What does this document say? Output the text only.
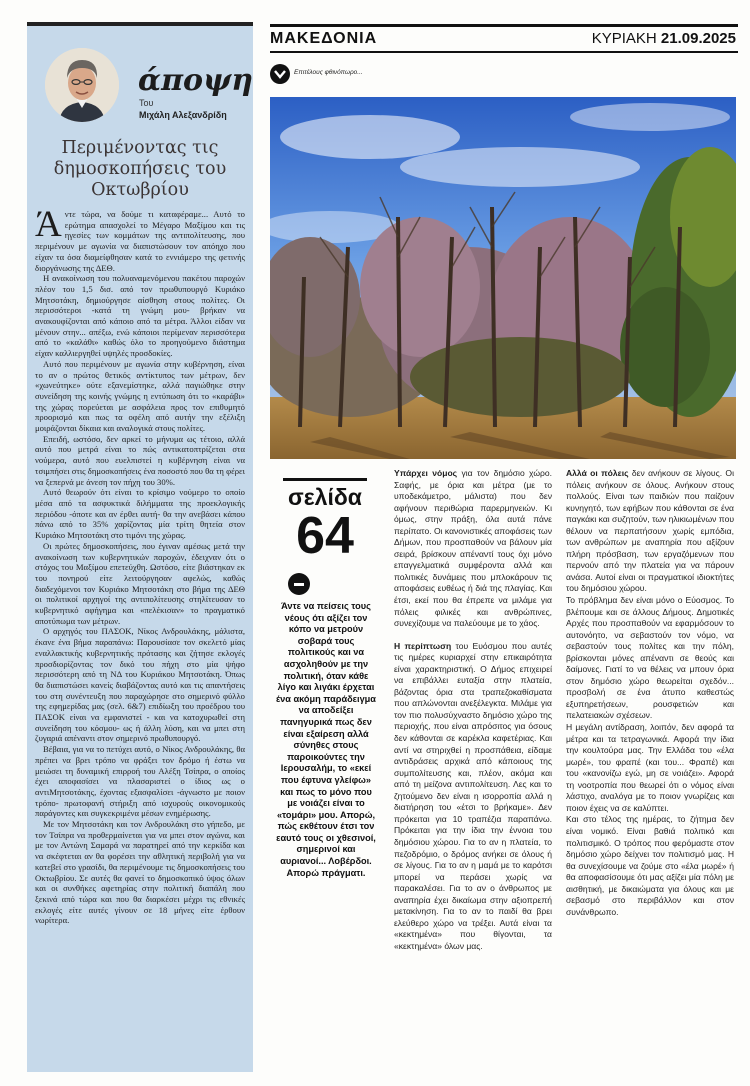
άποψη
Του
Μιχάλη Αλεξανδρίδη
Περιμένοντας τις δημοσκοπήσεις του Οκτωβρίου

Άντε τώρα, να δούμε τι καταφέραμε... Αυτό το ερώτημα απασχολεί το Μέγαρο Μαξίμου και τις ηγεσίες των κομμάτων της αντιπολίτευσης, που περιμένουν με αγωνία να διαπιστώσουν τον απόηχο που είχαν τα όσα διαμείφθησαν κατά το εννιάμερο της φετινής διοργάνωσης της ΔΕΘ.

Η ανακοίνωση του πολυαναμενόμενου πακέτου παροχών πλέον του 1,5 δισ. από τον πρωθυπουργό Κυριάκο Μητσοτάκη, δημιούργησε αίσθηση στους πολίτες. Οι περισσότεροι -κατά τη γνώμη μου- βρήκαν να ανακουφίζονται από κάποιο από τα μέτρα. Άλλοι είδαν να μένουν στην... απέξω, ενώ κάποιοι περίμεναν περισσότερα από το «καλάθι» καθώς όλο το προηγούμενο διάστημα είχαν καλλιεργηθεί υψηλές προσδοκίες.

Αυτό που περιμένουν με αγωνία στην κυβέρνηση, είναι το αν ο πρώτος θετικός αντίκτυπος των μέτρων, δεν «χωνεύτηκε» ούτε εξανεμίστηκε, αλλά παγιώθηκε στην συνείδηση της κοινής γνώμης η εντύπωση ότι το «καράβι» της χώρας πορεύεται με ασφάλεια προς τον επιθυμητό προορισμό και πως τα οφέλη από αυτήν την εξέλιξη μοιράζονται δίκαια και αναλογικά στους πολίτες.

Επειδή, ωστόσο, δεν αρκεί το μήνυμα ως τέτοιο, αλλά αυτό που μετρά είναι το πώς αντικατοπτρίζεται στα νούμερα, αυτό που ευελπιστεί η κυβέρνηση είναι να τσιμπήσει στις δημοσκοπήσεις ένα ποσοστό που θα τη φέρει να ξεπερνά με άνεση τον πήχη του 30%.

Αυτό θεωρούν ότι είναι το κρίσιμο νούμερο το οποίο μέσα από τα ασφυκτικά διλήμματα της προεκλογικής περιόδου -όποτε και αν έρθει αυτή- θα την ανεβάσει κάπου πάνω από το 35% χαρίζοντας μία τρίτη θητεία στον Κυριάκο Μητσοτάκη στο τιμόνι της χώρας.

Οι πρώτες δημοσκοπήσεις, που έγιναν αμέσως μετά την ανακοίνωση των κυβερνητικών παροχών, έδειχναν ότι ο στόχος του Μαξίμου επετεύχθη. Ωστόσο, είτε βιάστηκαν εκ του πονηρού είτε λειτούργησαν αφελώς, καθώς διαδεχόμενοι τον Κυριάκο Μητσοτάκη στο βήμα της ΔΕΘ οι πολιτικοί αρχηγοί της αντιπολίτευσης στηλίτευσαν το κυβερνητικό αφήγημα και «πελέκισαν» το πραγματικό αποτύπωμα των μέτρων.

Ο αρχηγός του ΠΑΣΟΚ, Νίκος Ανδρουλάκης, μάλιστα, έκανε ένα βήμα παραπάνω: Παρουσίασε τον σκελετό μίας εναλλακτικής κυβερνητικής πρότασης και ζήτησε εκλογές προσδιορίζοντας τον δικό του πήχη στο μία ψήφο περισσότερη από τη ΝΔ του Κυριάκου Μητσοτάκη. Όπως θα διαπιστώσει κανείς διαβάζοντας αυτό και τις απαντήσεις του στη συνέντευξη που παραχώρησε στο σημερινό φύλλο της εφημερίδας μας (σελ. 6&7) επιδίωξη του προέδρου του ΠΑΣΟΚ είναι να εμφανιστεί - και να κατοχυρωθεί στη συνείδηση του κόσμου- ως ή άλλη λύση, και να μπει στη ζυγαριά απέναντι στον σημερινό πρωθυπουργό.

Βέβαια, για να το πετύχει αυτό, ο Νίκος Ανδρουλάκης, θα πρέπει να βρει τρόπο να φράξει τον δρόμο ή έστω να μειώσει τη δυναμική επιρροή του Αλέξη Τσίπρα, ο οποίος έχει αποφασίσει να πλασαριστεί ο ίδιος ως ο αντιΜητσοτάκης, έχοντας εξασφαλίσει -άγνωστο με ποιον τρόπο- πρωτοφανή στήριξη από ισχυρούς οικονομικούς παράγοντες και συγκεκριμένα μέσων ενημέρωσης.

Με τον Μητσοτάκη και τον Ανδρουλάκη στο γήπεδο, με τον Τσίπρα να προθερμαίνεται για να μπει στον αγώνα, και με τον Αντώνη Σαμαρά να παρατηρεί από την κερκίδα και να σκέφτεται αν θα φορέσει την αθλητική περιβολή για να κατεβεί στο γρασίδι, θα περιμένουμε τις δημοσκοπήσεις του Οκτωβρίου. Σε αυτές θα φανεί το δημοσκοπικό ύψος όλων και οι συνθήκες αφετηρίας στην πολιτική διαπάλη που ξεκινά από τώρα και που θα διαρκέσει μέχρι τις εθνικές εκλογές είτε αυτές γίνουν σε 18 μήνες είτε έρθουν νωρίτερα.

ΜΑΚΕΔΟΝΙΑ	ΚΥΡΙΑΚΗ 21.09.2025
Επιτέλους φθινόπωρο...
σελίδα
64
Άντε να πείσεις τους νέους ότι αξίζει τον κόπο να μετρούν σοβαρά τους πολιτικούς και να ασχοληθούν με την πολιτική, όταν κάθε λίγο και λιγάκι έρχεται ένα ακόμη παράδειγμα να αποδείξει πανηγυρικά πως δεν είναι εξαίρεση αλλά σύνηθες στους παροικούντες την Ιερουσαλήμ, το «εκεί που έφτυνα γλείφω» και πως το μόνο που με νοιάζει είναι το «τομάρι» μου. Απορώ, πώς εκθέτουν έτσι τον εαυτό τους οι χθεσινοί, σημερινοί και αυριανοί... Λοβέρδοι. Απορώ πράγματι.

Υπάρχει νόμος για τον δημόσιο χώρο. Σαφής, με όρια και μέτρα (με το υποδεκάμετρο, μάλιστα) που δεν αφήνουν περιθώρια παρερμηνειών. Κι όμως, στην πράξη, όλα αυτά πάνε περίπατο. Οι κανονιστικές αποφάσεις των Δήμων, που προσπαθούν να βάλουν μία σειρά, βρίσκουν απέναντί τους όχι μόνο επαγγελματικά συμφέροντα αλλά και πολιτικές δυνάμεις που μπλοκάρουν τις αποφάσεις ευθέως ή διά της πλαγίας. Και έτσι, εκεί που θα έπρεπε να μιλάμε για πόλεις φιλικές και ανθρώπινες, συνεχίζουμε να παλεύουμε με το χάος.

Η περίπτωση του Ευόσμου που αυτές τις ημέρες κυριαρχεί στην επικαιρότητα είναι χαρακτηριστική. Ο Δήμος επιχειρεί να επιβάλλει ευταξία στην πλατεία, βάζοντας όρια στα τραπεζοκαθίσματα που απλώνονται ανεξέλεγκτα. Μιλάμε για τον πιο πολυσύχναστο δημόσιο χώρο της περιοχής, που είναι απρόσιτος για όσους δεν κάθονται σε καρέκλα καφετέριας. Και αντί να στηριχθεί η προσπάθεια, είδαμε αντιδράσεις αρχικά από κάποιους της συμπολίτευσης και, πλέον, ακόμα και από τη μείζονα αντιπολίτευση. Λες και το ζητούμενο δεν είναι η ισορροπία αλλά η διατήρηση του «έτσι το βρήκαμε». Δεν πρόκειται για 10 τραπέζια παραπάνω. Πρόκειται για την ίδια την έννοια του δημόσιου χώρου. Για το αν η πλατεία, το πεζοδρόμιο, ο δρόμος ανήκει σε όλους ή σε λίγους. Για το αν η μαμά με το καρότσι μπορεί να περάσει χωρίς να παρακαλέσει. Για το αν ο άνθρωπος με αναπηρία έχει δικαίωμα στην αξιοπρεπή μετακίνηση. Για το αν το παιδί θα βρει ελεύθερο χώρο να τρέξει. Αυτά είναι τα «κεκτημένα» που θίγονται, τα «κεκτημένα» όλων μας.

Αλλά οι πόλεις δεν ανήκουν σε λίγους. Οι πόλεις ανήκουν σε όλους. Ανήκουν στους πολλούς. Είναι των παιδιών που παίζουν κυνηγητό, των εφήβων που κάθονται σε ένα παγκάκι και συζητούν, των ηλικιωμένων που θέλουν να περπατήσουν χωρίς εμπόδια, των ανθρώπων με αναπηρία που αξίζουν πλήρη πρόσβαση, των εργαζόμενων που περνούν από την πλατεία για να πάρουν ανάσα. Αυτοί είναι οι πραγματικοί ιδιοκτήτες του δημόσιου χώρου.

Το πρόβλημα δεν είναι μόνο ο Εύοσμος. Το βλέπουμε και σε άλλους Δήμους. Δημοτικές Αρχές που προσπαθούν να εφαρμόσουν το αυτονόητο, να σεβαστούν τον νόμο, να σεβαστούν τους πολίτες και την πόλη, βρίσκονται μόνες απέναντι σε θεούς και δαίμονες. Γιατί το να θέλεις να μπουν όρια στον δημόσιο χώρο θεωρείται σχεδόν... προσβολή σε ένα άτυπο καθεστώς εξυπηρετήσεων, ρουσφετιών και πελατειακών σχέσεων.

Η μεγάλη αντίδραση, λοιπόν, δεν αφορά τα μέτρα και τα τετραγωνικά. Αφορά την ίδια την κουλτούρα μας. Την Ελλάδα του «έλα μωρέ», του φραπέ (και του... Φραπέ) και του «κανονίζω εγώ, μη σε νοιάζει». Αφορά τη νοοτροπία που θεωρεί ότι ο νόμος είναι λάστιχο, αναλόγα με το ποιον γνωρίζεις και ποιον έχεις να σε καλύπτει.

Και στο τέλος της ημέρας, το ζήτημα δεν είναι νομικό. Είναι βαθιά πολιτικό και πολιτισμικό. Ο τρόπος που φερόμαστε στον δημόσιο χώρο δείχνει τον πολιτισμό μας. Η θα συνεχίσουμε να ζούμε στο «έλα μωρέ» ή θα αποφασίσουμε ότι μας αξίζει μία πόλη με αισθητική, με δικαιώματα για όλους και με σεβασμό στο περιβάλλον και στον συνάνθρωπο.
